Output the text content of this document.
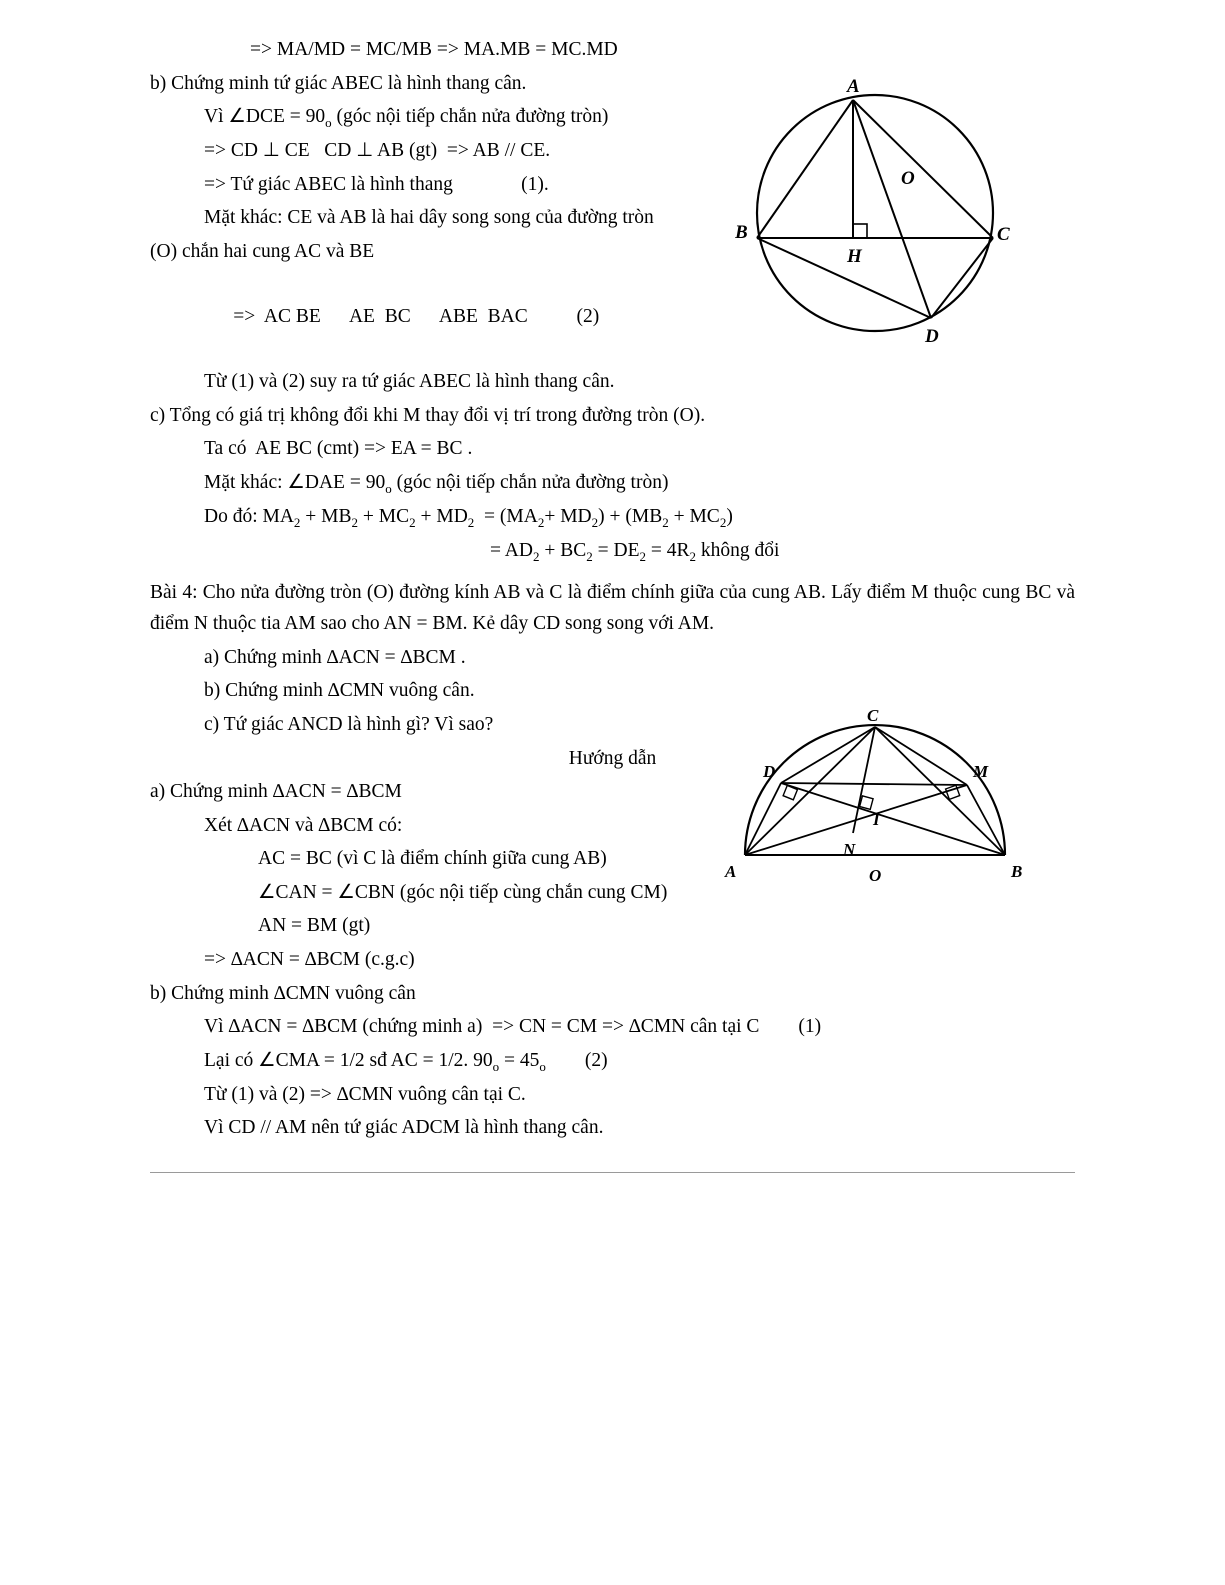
A
B	C
D
O
H
C
D	M
N
I
A	O	B

=> MA/MD = MC/MB => MA.MB = MC.MD

b) Chứng minh tứ giác ABEC là hình thang cân.

Vì ∠DCE = $90_o$ (góc nội tiếp chắn nửa đường tròn)

=> CD ⊥ CE   CD ⊥ AB (gt)  => AB // CE.

=> Tứ giác ABEC là hình thang              (1).

Mặt khác: CE và AB là hai dây song song của đường tròn

(O) chắn hai cung AC và BE

=>  AC BE      AE  BC      ABE  BAC          (2)

Từ (1) và (2) suy ra tứ giác ABEC là hình thang cân.

c) Tổng có giá trị không đổi khi M thay đổi vị trí trong đường tròn (O).

Ta có  AE BC (cmt) => EA = BC .

Mặt khác: ∠DAE = $90_o$ (góc nội tiếp chắn nửa đường tròn)

Do đó: $MA_2 + MB_2 + MC_2 + MD_2 = (MA_2+ MD_2) + (MB_2 + MC_2)$

= $AD_2 + BC_2 = DE_2 = 4R_2$ không đổi

Bài 4: Cho nửa đường tròn (O) đường kính AB và C là điểm chính giữa của cung AB. Lấy điểm M thuộc cung BC và điểm N thuộc tia AM sao cho AN = BM. Kẻ dây CD song song với AM.

a) Chứng minh ∆ACN = ∆BCM .

b) Chứng minh ∆CMN vuông cân.

c) Tứ giác ANCD là hình gì? Vì sao?

Hướng dẫn

a) Chứng minh ∆ACN = ∆BCM

Xét ∆ACN và ∆BCM có:

AC = BC (vì C là điểm chính giữa cung AB)

∠CAN = ∠CBN (góc nội tiếp cùng chắn cung CM)

AN = BM (gt)

=> ∆ACN = ∆BCM (c.g.c)

b) Chứng minh ∆CMN vuông cân

Vì ∆ACN = ∆BCM (chứng minh a)  => CN = CM => ∆CMN cân tại C        (1)

Lại có ∠CMA = 1/2 sđ AC = 1/2. $90_o = 45_o$        (2)

Từ (1) và (2) => ∆CMN vuông cân tại C.

Vì CD // AM nên tứ giác ADCM là hình thang cân.
